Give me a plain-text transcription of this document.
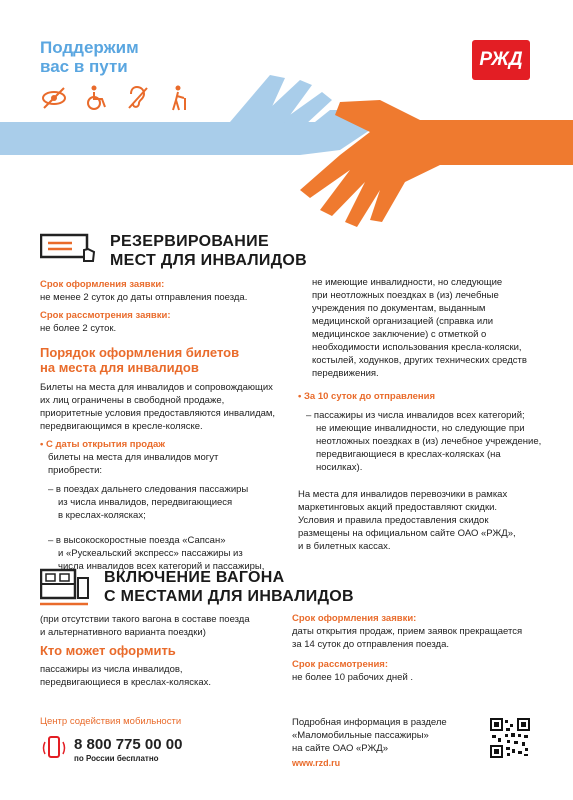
Поддержим
вас в пути	РЖД
РЕЗЕРВИРОВАНИЕ
МЕСТ ДЛЯ ИНВАЛИДОВ
Срок оформления заявки:
не менее 2 суток до даты отправления поезда.
Срок рассмотрения заявки:
не более 2 суток.
Порядок оформления билетов
на места для инвалидов
Билеты на места для инвалидов и сопровождающих
их лиц ограничены в свободной продаже,
приоритетные условия предоставляются инвалидам,
передвигающимся в кресле-коляске.
• С даты открытия продаж
билеты на места для инвалидов могут
приобрести:
– в поездах дальнего следования пассажиры
из числа инвалидов, передвигающиеся
в креслах-колясках;
– в высокоскоростные поезда «Сапсан»
и «Рускеальский экспресс» пассажиры из
числа инвалидов всех категорий и пассажиры,
не имеющие инвалидности, но следующие
при неотложных поездках в (из) лечебные
учреждения по документам, выданным
медицинской организацией (справка или
медицинское заключение) с отметкой о
необходимости использования кресла-коляски,
костылей, ходунков, других технических средств
передвижения.
• За 10 суток до отправления
– пассажиры из числа инвалидов всех категорий;
не имеющие инвалидности, но следующие при
неотложных поездках в (из) лечебное учреждение,
передвигающиеся в креслах-колясках (на
носилках).
На места для инвалидов перевозчики в рамках
маркетинговых акций предоставляют скидки.
Условия и правила предоставления скидок
размещены на официальном сайте ОАО «РЖД»,
и в билетных кассах.
ВКЛЮЧЕНИЕ ВАГОНА
С МЕСТАМИ ДЛЯ ИНВАЛИДОВ
(при отсутствии такого вагона в составе поезда
и альтернативного варианта поездки)
Кто может оформить
пассажиры из числа инвалидов,
передвигающиеся в креслах-колясках.
Срок оформления заявки:
даты открытия продаж, прием заявок прекращается
за 14 суток до отправления поезда.
Срок рассмотрения:
не более 10 рабочих дней .
Центр содействия мобильности
8 800 775 00 00
по России бесплатно
Подробная информация в разделе
«Маломобильные пассажиры»
на сайте ОАО «РЖД»
www.rzd.ru
